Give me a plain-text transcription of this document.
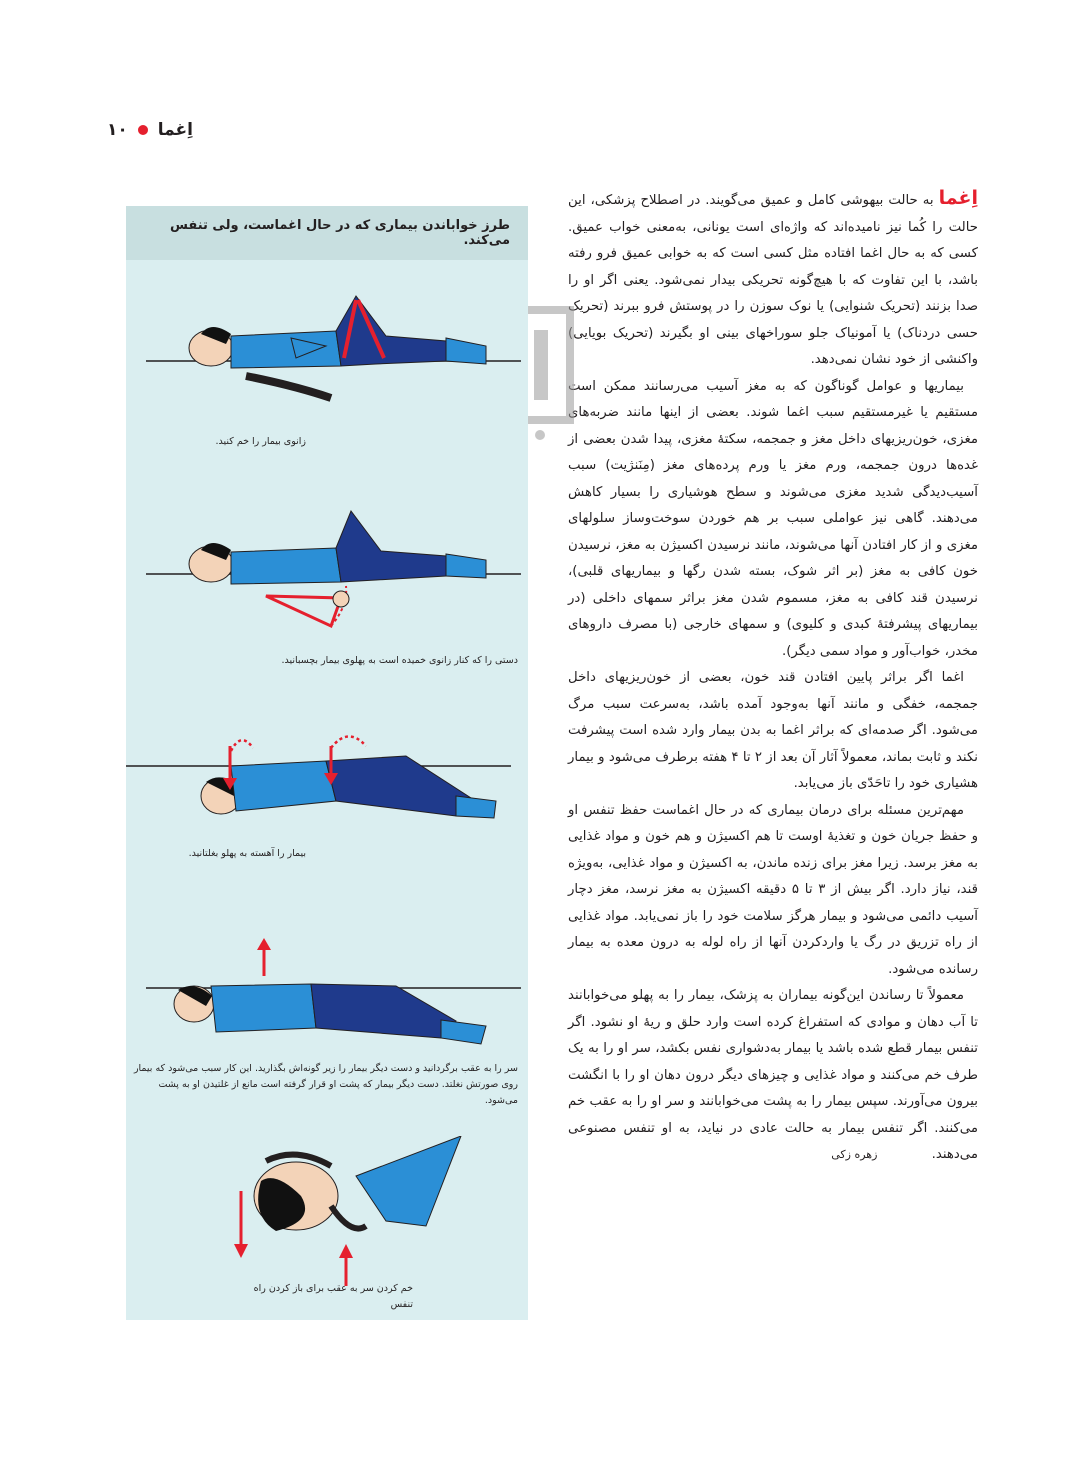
اِغما
۱۰

اِغما به حالت بیهوشی کامل و عمیق می‌گویند. در اصطلاح پزشکی، این حالت را کُما نیز نامیده‌اند که واژه‌ای است یونانی، به‌معنی خواب عمیق. کسی که به حال اغما افتاده مثل کسی است که به خوابی عمیق فرو رفته باشد، با این تفاوت که با هیچ‌گونه تحریکی بیدار نمی‌شود. یعنی اگر او را صدا بزنند (تحریک شنوایی) یا نوک سوزن را در پوستش فرو ببرند (تحریک حسی دردناک) یا آمونیاک جلو سوراخهای بینی او بگیرند (تحریک بویایی) واکنشی از خود نشان نمی‌دهد.

بیماریها و عوامل گوناگون که به مغز آسیب می‌رسانند ممکن است مستقیم یا غیرمستقیم سبب اغما شوند. بعضی از اینها مانند ضربه‌های مغزی، خون‌ریزیهای داخل مغز و جمجمه، سکتهٔ مغزی، پیدا شدن بعضی از غده‌ها درون جمجمه، ورم مغز یا ورم پرده‌های مغز (مِنَنژیت) سبب آسیب‌دیدگی شدید مغزی می‌شوند و سطح هوشیاری را بسیار کاهش می‌دهند. گاهی نیز عواملی سبب بر هم خوردن سوخت‌وساز سلولهای مغزی و از کار افتادن آنها می‌شوند، مانند نرسیدن اکسیژن به مغز، نرسیدن خون کافی به مغز (بر اثر شوک، بسته شدن رگها و بیماریهای قلبی)، نرسیدن قند کافی به مغز، مسموم شدن مغز براثر سمهای داخلی (در بیماریهای پیشرفتهٔ کبدی و کلیوی) و سمهای خارجی (با مصرف داروهای مخدر، خواب‌آور و مواد سمی دیگر).

اغما اگر براثر پایین افتادن قند خون، بعضی از خون‌ریزیهای داخل جمجمه، خفگی و مانند آنها به‌وجود آمده باشد، به‌سرعت سبب مرگ می‌شود. اگر صدمه‌ای که براثر اغما به بدن بیمار وارد شده است پیشرفت نکند و ثابت بماند، معمولاً آثار آن بعد از ۲ تا ۴ هفته برطرف می‌شود و بیمار هشیاری خود را تاحَدّی باز می‌یابد.

مهم‌ترین مسئله برای درمان بیماری که در حال اغماست حفظ تنفس او و حفظ جریان خون و تغذیهٔ اوست تا هم اکسیژن و هم خون و مواد غذایی به مغز برسد. زیرا مغز برای زنده ماندن، به اکسیژن و مواد غذایی، به‌ویژه قند، نیاز دارد. اگر بیش از ۳ تا ۵ دقیقه اکسیژن به مغز نرسد، مغز دچار آسیب دائمی می‌شود و بیمار هرگز سلامت خود را باز نمی‌یابد. مواد غذایی از راه تزریق در رگ یا واردکردن آنها از راه لوله به درون معده به بیمار رسانده می‌شود.

معمولاً تا رساندن این‌گونه بیماران به پزشک، بیمار را به پهلو می‌خوابانند تا آب دهان و موادی که استفراغ کرده است وارد حلق و ریهٔ او نشود. اگر تنفس بیمار قطع شده باشد یا بیمار به‌دشواری نفس بکشد، سر او را به یک طرف خم می‌کنند و مواد غذایی و چیزهای دیگر درون دهان او را با انگشت بیرون می‌آورند. سپس بیمار را به پشت می‌خوابانند و سر او را به عقب خم می‌کنند. اگر تنفس بیمار به حالت عادی در نیاید، به او تنفس مصنوعی می‌دهند. زهره زکی

طرز خواباندن بیماری که در حال اغماست، ولی تنفس می‌کند.
زانوی بیمار را خم کنید.
دستی را که کنار زانوی خمیده است به پهلوی بیمار بچسبانید.
بیمار را آهسته به پهلو بغلتانید.
سر را به عقب برگردانید و دست دیگر بیمار را زیر گونه‌اش بگذارید. این کار سبب می‌شود که بیمار روی صورتش نغلتد. دست دیگر بیمار که پشت او قرار گرفته است مانع از غلتیدن او به پشت می‌شود.
خم کردن سر به عقب برای باز کردن راه تنفس
